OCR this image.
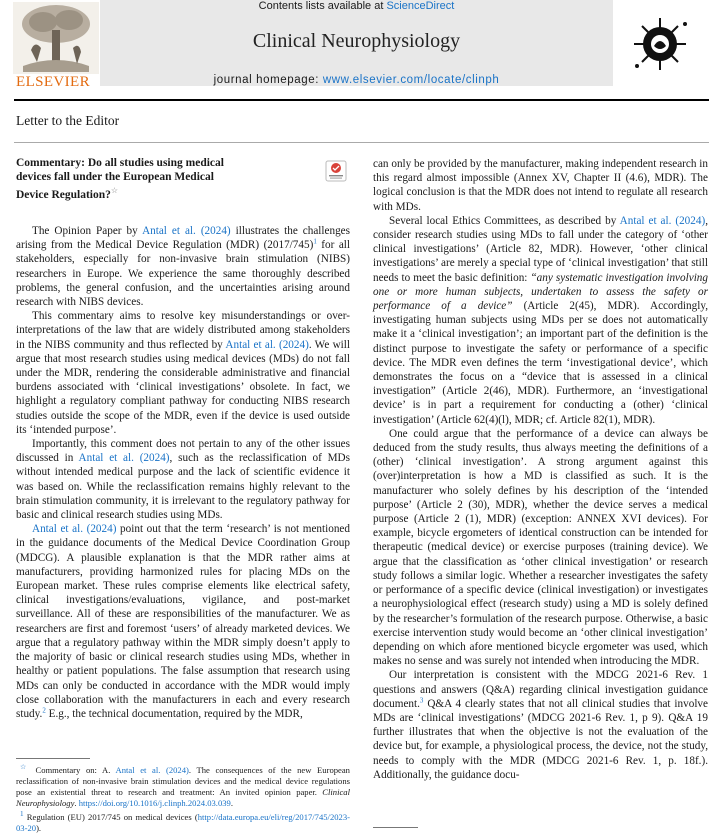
Contents lists available at ScienceDirect
Clinical Neurophysiology
journal homepage: www.elsevier.com/locate/clinph
ELSEVIER
Letter to the Editor
Commentary: Do all studies using medical devices fall under the European Medical Device Regulation?☆

The Opinion Paper by Antal et al. (2024) illustrates the challenges arising from the Medical Device Regulation (MDR) $(2017/745)^1$ for all stakeholders, especially for non-invasive brain stimulation (NIBS) researchers in Europe. We experience the same thoroughly described problems, the general confusion, and the uncertainties arising around research with NIBS devices.

This commentary aims to resolve key misunderstandings or over-interpretations of the law that are widely distributed among stakeholders in the NIBS community and thus reflected by Antal et al. (2024). We will argue that most research studies using medical devices (MDs) do not fall under the MDR, rendering the considerable administrative and financial burdens associated with ‘clinical investigations’ obsolete. In fact, we highlight a regulatory compliant pathway for conducting NIBS research studies outside the scope of the MDR, even if the device is used outside its ‘intended purpose’.

Importantly, this comment does not pertain to any of the other issues discussed in Antal et al. (2024), such as the reclassification of MDs without intended medical purpose and the lack of scientific evidence it was based on. While the reclassification remains highly relevant to the brain stimulation community, it is irrelevant to the regulatory pathway for basic and clinical research studies using MDs.

Antal et al. (2024) point out that the term ‘research’ is not mentioned in the guidance documents of the Medical Device Coordination Group (MDCG). A plausible explanation is that the MDR rather aims at manufacturers, providing harmonized rules for placing MDs on the European market. These rules comprise elements like electrical safety, clinical investigations/evaluations, vigilance, and post-market surveillance. All of these are responsibilities of the manufacturer. We as researchers are first and foremost ‘users’ of already marketed devices. We argue that a regulatory pathway within the MDR simply doesn’t apply to the majority of basic or clinical research studies using MDs, whether in healthy or patient populations. The false assumption that research using MDs can only be conducted in accordance with the MDR would imply close collaboration with the manufacturers in each and every research study.$^2$ E.g., the technical documentation, required by the MDR,

can only be provided by the manufacturer, making independent research in this regard almost impossible (Annex XV, Chapter II (4.6), MDR). The logical conclusion is that the MDR does not intend to regulate all research with MDs.

Several local Ethics Committees, as described by Antal et al. (2024), consider research studies using MDs to fall under the category of ‘other clinical investigations’ (Article 82, MDR). However, ‘other clinical investigations’ are merely a special type of ‘clinical investigation’ that still needs to meet the basic definition: “any systematic investigation involving one or more human subjects, undertaken to assess the safety or performance of a device” (Article 2(45), MDR). Accordingly, investigating human subjects using MDs per se does not automatically make it a ‘clinical investigation’; an important part of the definition is the distinct purpose to investigate the safety or performance of a specific device. The MDR even defines the term ‘investigational device’, which demonstrates the focus on a “device that is assessed in a clinical investigation” (Article 2(46), MDR). Furthermore, an ‘investigational device’ is in part a requirement for conducting a (other) ‘clinical investigation’ (Article 62(4)(l), MDR; cf. Article 82(1), MDR).

One could argue that the performance of a device can always be deduced from the study results, thus always meeting the definitions of a (other) ‘clinical investigation’. A strong argument against this (over)interpretation is how a MD is classified as such. It is the manufacturer who solely defines by his description of the ‘intended purpose’ (Article 2 (30), MDR), whether the device serves a medical purpose (Article 2 (1), MDR) (exception: ANNEX XVI devices). For example, bicycle ergometers of identical construction can be intended for therapeutic (medical device) or exercise purposes (training device). We argue that the classification as ‘other clinical investigation’ or research study follows a similar logic. Whether a researcher investigates the safety or performance of a specific device (clinical investigation) or investigates a neurophysiological effect (research study) using a MD is solely defined by the researcher’s formulation of the research purpose. Otherwise, a basic exercise intervention study would become an ‘other clinical investigation’ depending on which afore mentioned bicycle ergometer was used, which makes no sense and was surely not intended when introducing the MDR.

Our interpretation is consistent with the MDCG 2021-6 Rev. 1 questions and answers (Q&A) regarding clinical investigation guidance document.$^3$ Q&A 4 clearly states that not all clinical studies that involve MDs are ‘clinical investigations’ (MDCG 2021-6 Rev. 1, p 9). Q&A 19 further illustrates that when the objective is not the evaluation of the device but, for example, a physiological process, the device, not the study, needs to comply with the MDR (MDCG 2021-6 Rev. 1, p. 18f.). Additionally, the guidance docu-

☆ Commentary on: A. Antal et al. (2024). The consequences of the new European reclassification of non-invasive brain stimulation devices and the medical device regulations pose an existential threat to research and treatment: An invited opinion paper. Clinical Neurophysiology. https://doi.org/10.1016/j.clinph.2024.03.039.

$^1$ Regulation (EU) 2017/745 on medical devices (http://data.europa.eu/eli/reg/2017/745/2023-03-20).
